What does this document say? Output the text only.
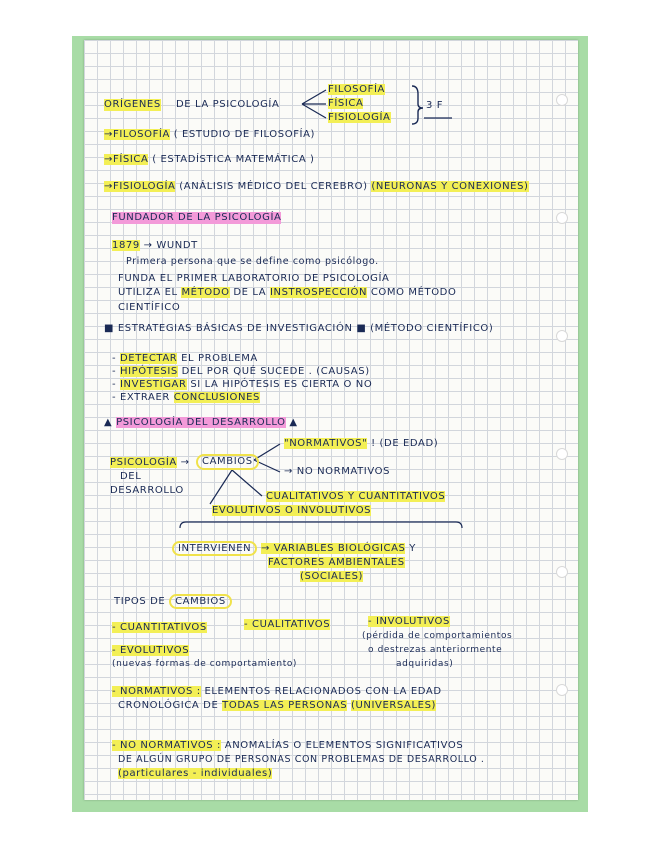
ORÍGENES DE LA PSICOLOGÍA
FILOSOFÍA
FÍSICA
FISIOLOGÍA
3 F
→FILOSOFÍA ( ESTUDIO DE FILOSOFÍA)
→FÍSICA ( ESTADÍSTICA MATEMÁTICA )
→FISIOLOGÍA (ANÁLISIS MÉDICO DEL CEREBRO) (NEURONAS Y CONEXIONES)
FUNDADOR DE LA PSICOLOGÍA
1879 → WUNDT
Primera persona que se define como psicólogo.
FUNDA EL PRIMER LABORATORIO DE PSICOLOGÍA
UTILIZA EL MÉTODO DE LA INSTROSPECCIÓN COMO MÉTODO
CIENTÍFICO
■ ESTRATEGIAS BÁSICAS DE INVESTIGACIÓN ■ (MÉTODO CIENTÍFICO)
- DETECTAR EL PROBLEMA
- HIPÓTESIS DEL POR QUÉ SUCEDE . (CAUSAS)
- INVESTIGAR SI LA HIPÓTESIS ES CIERTA O NO
- EXTRAER CONCLUSIONES
▲ PSICOLOGÍA DEL DESARROLLO ▲
PSICOLOGÍA →
DEL
DESARROLLO
CAMBIOS
"NORMATIVOS" ! (DE EDAD)
→ NO NORMATIVOS
CUALITATIVOS Y CUANTITATIVOS
EVOLUTIVOS O INVOLUTIVOS
INTERVIENEN → VARIABLES BIOLÓGICAS Y
FACTORES AMBIENTALES
(SOCIALES)
TIPOS DE CAMBIOS
- CUANTITATIVOS	- CUALITATIVOS	- INVOLUTIVOS
(pérdida de comportamientos
o destrezas anteriormente
adquiridas)
- EVOLUTIVOS
(nuevas formas de comportamiento)
- NORMATIVOS : ELEMENTOS RELACIONADOS CON LA EDAD
CRONOLÓGICA DE TODAS LAS PERSONAS (UNIVERSALES)
- NO NORMATIVOS : ANOMALÍAS O ELEMENTOS SIGNIFICATIVOS
DE ALGÚN GRUPO DE PERSONAS CON PROBLEMAS DE DESARROLLO .
(particulares - individuales)
